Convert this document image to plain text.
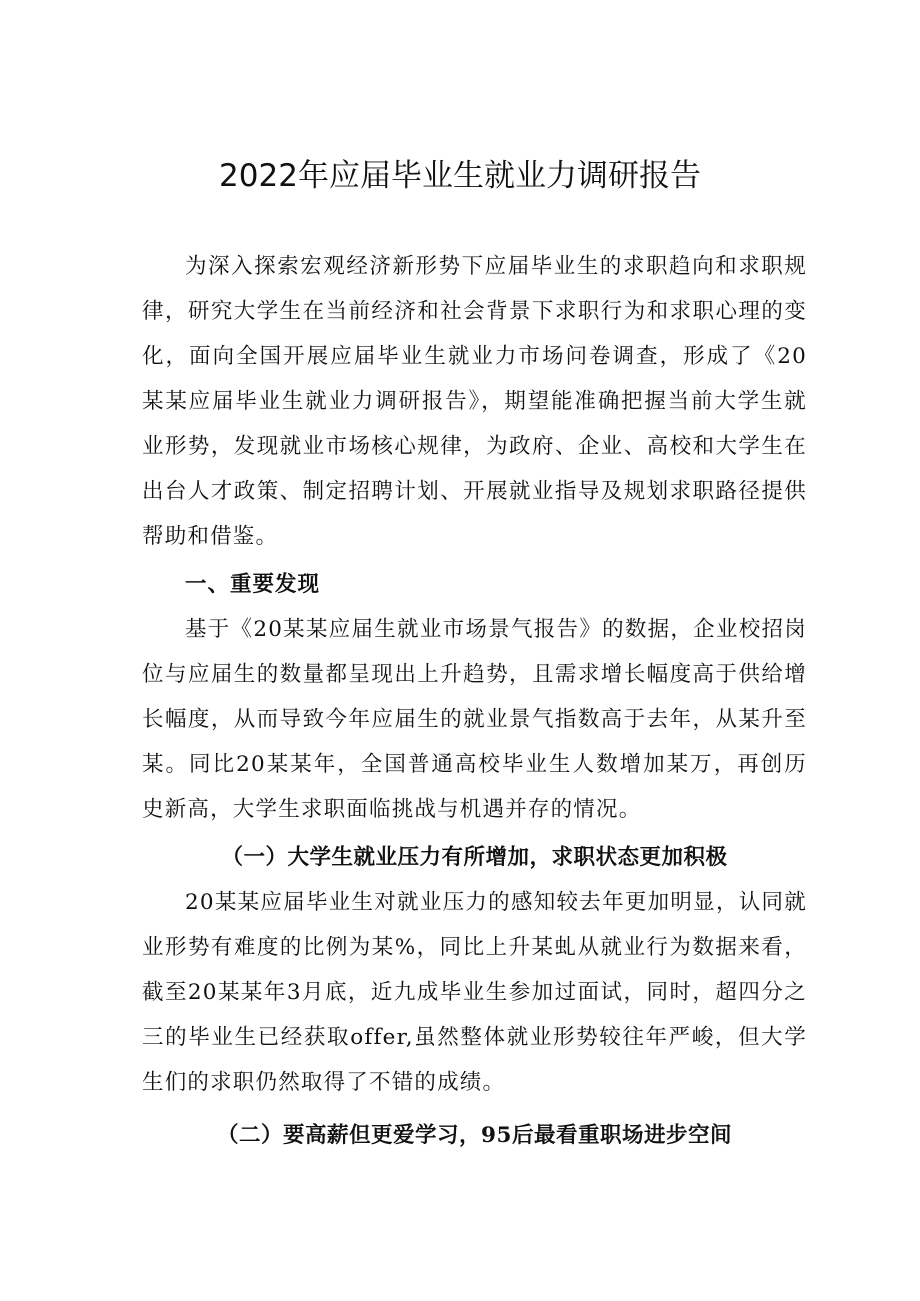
2022年应届毕业生就业力调研报告

为深入探索宏观经济新形势下应届毕业生的求职趋向和求职规律，研究大学生在当前经济和社会背景下求职行为和求职心理的变化，面向全国开展应届毕业生就业力市场问卷调查，形成了《20某某应届毕业生就业力调研报告》，期望能准确把握当前大学生就业形势，发现就业市场核心规律，为政府、企业、高校和大学生在出台人才政策、制定招聘计划、开展就业指导及规划求职路径提供帮助和借鉴。

一、重要发现

基于《20某某应届生就业市场景气报告》的数据，企业校招岗位与应届生的数量都呈现出上升趋势，且需求增长幅度高于供给增长幅度，从而导致今年应届生的就业景气指数高于去年，从某升至某。同比20某某年，全国普通高校毕业生人数增加某万，再创历史新高，大学生求职面临挑战与机遇并存的情况。

（一）大学生就业压力有所增加，求职状态更加积极

20某某应届毕业生对就业压力的感知较去年更加明显，认同就业形势有难度的比例为某%，同比上升某虬从就业行为数据来看，截至20某某年3月底，近九成毕业生参加过面试，同时，超四分之三的毕业生已经获取offer,虽然整体就业形势较往年严峻，但大学生们的求职仍然取得了不错的成绩。

（二）要高薪但更爱学习，95后最看重职场进步空间
